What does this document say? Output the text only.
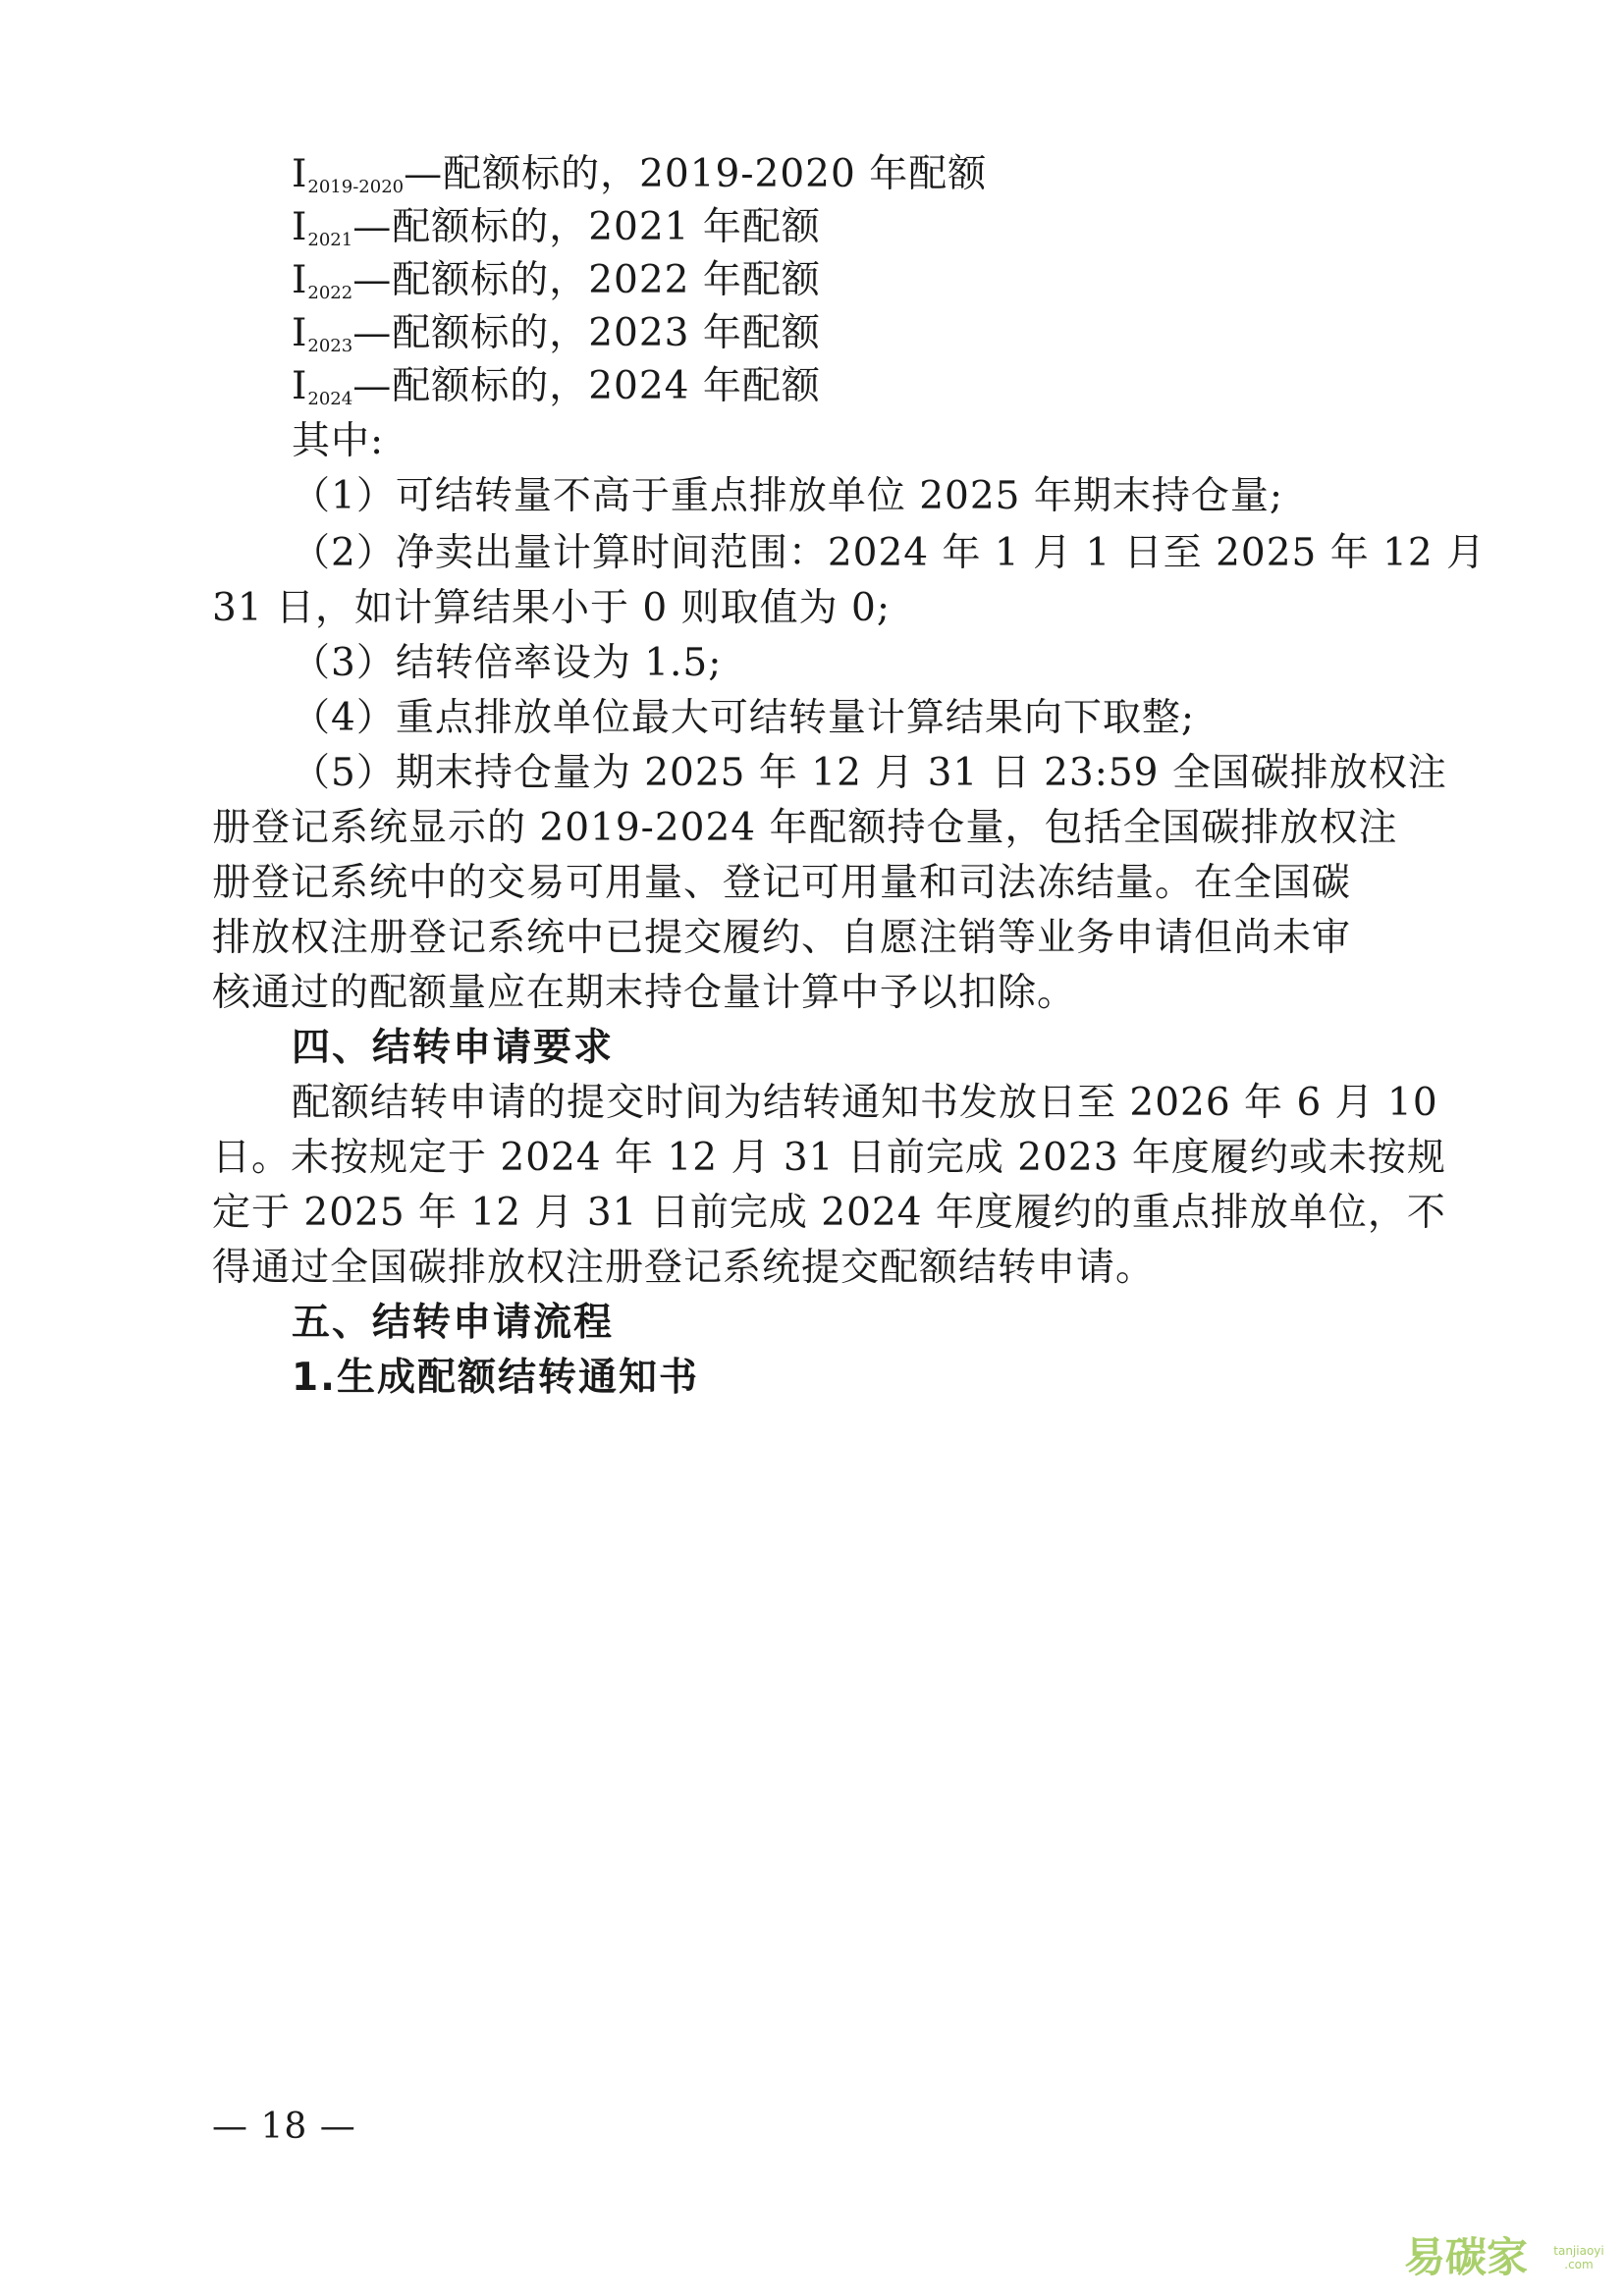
$I_{2019-2020}—$配额标的，2019-2020 年配额
$I_{2021}—$配额标的，2021 年配额
$I_{2022}—$配额标的，2022 年配额
$I_{2023}—$配额标的，2023 年配额
$I_{2024}—$配额标的，2024 年配额
其中:
（1）可结转量不高于重点排放单位 2025 年期末持仓量;
（2）净卖出量计算时间范围：2024 年 1 月 1 日至 2025 年 12 月
31 日，如计算结果小于 0 则取值为 0;
（3）结转倍率设为 1.5;
（4）重点排放单位最大可结转量计算结果向下取整;
（5）期末持仓量为 2025 年 12 月 31 日 23:59 全国碳排放权注
册登记系统显示的 2019-2024 年配额持仓量，包括全国碳排放权注
册登记系统中的交易可用量、登记可用量和司法冻结量。在全国碳
排放权注册登记系统中已提交履约、自愿注销等业务申请但尚未审
核通过的配额量应在期末持仓量计算中予以扣除。
四、结转申请要求
配额结转申请的提交时间为结转通知书发放日至 2026 年 6 月 10
日。未按规定于 2024 年 12 月 31 日前完成 2023 年度履约或未按规
定于 2025 年 12 月 31 日前完成 2024 年度履约的重点排放单位，不
得通过全国碳排放权注册登记系统提交配额结转申请。
五、结转申请流程
1.生成配额结转通知书
— 18 —
易碳家 tanjiaoyi .com
